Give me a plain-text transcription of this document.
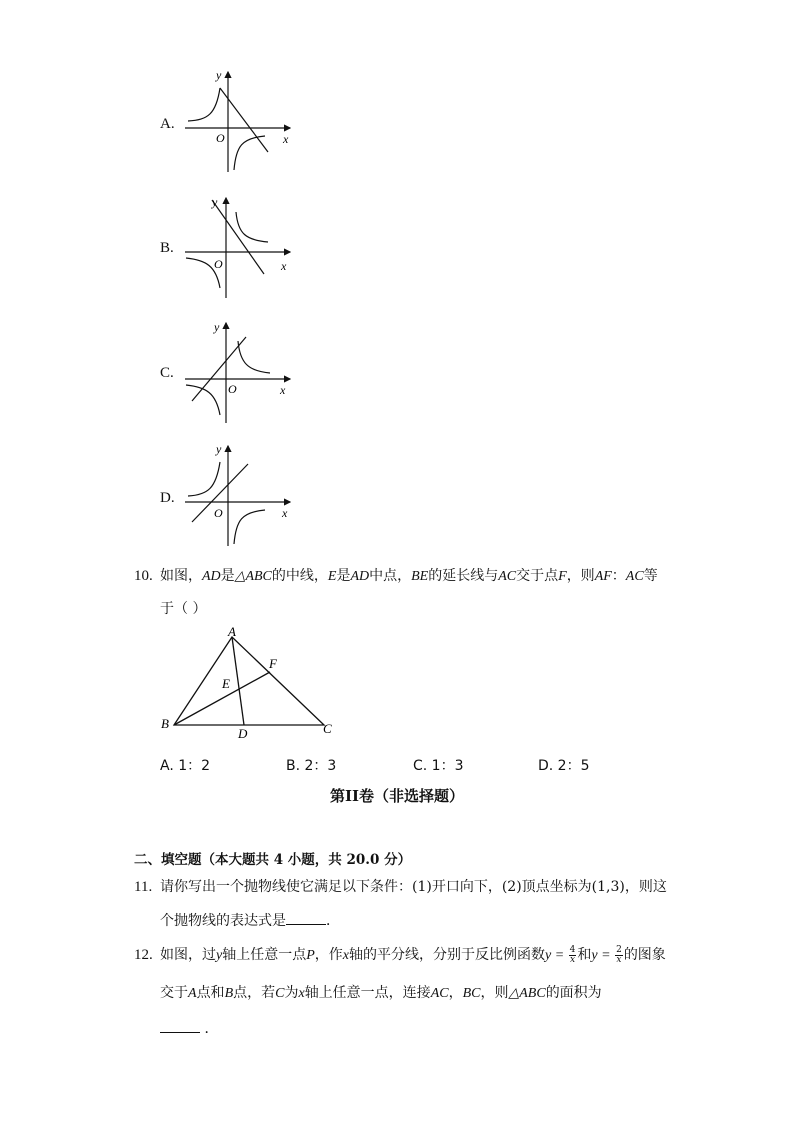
A.
y
O	x
B.
y
O	x
C.
y
O	x
D.
y
O	x
10. 如图，AD是△ABC的中线，E是AD中点，BE的延长线与AC交于点F，则AF：AC等
于（ ）
A
B	C
D
E
F
A. 1：2	B. 2：3	C. 1：3	D. 2：5
第II卷（非选择题）
二、填空题（本大题共 4 小题，共 20.0 分）
11. 请你写出一个抛物线使它满足以下条件：(1)开口向下，(2)顶点坐标为(1,3)，则这
个抛物线的表达式是	．
12. 如图，过y轴上任意一点P，作x轴的平分线，分别于反比例函数$y = \frac{4}{x}$ 和$y = \frac{2}{x}$ 的图象
交于A点和B点，若C为x轴上任意一点，连接AC，BC，则△ABC的面积为
．
